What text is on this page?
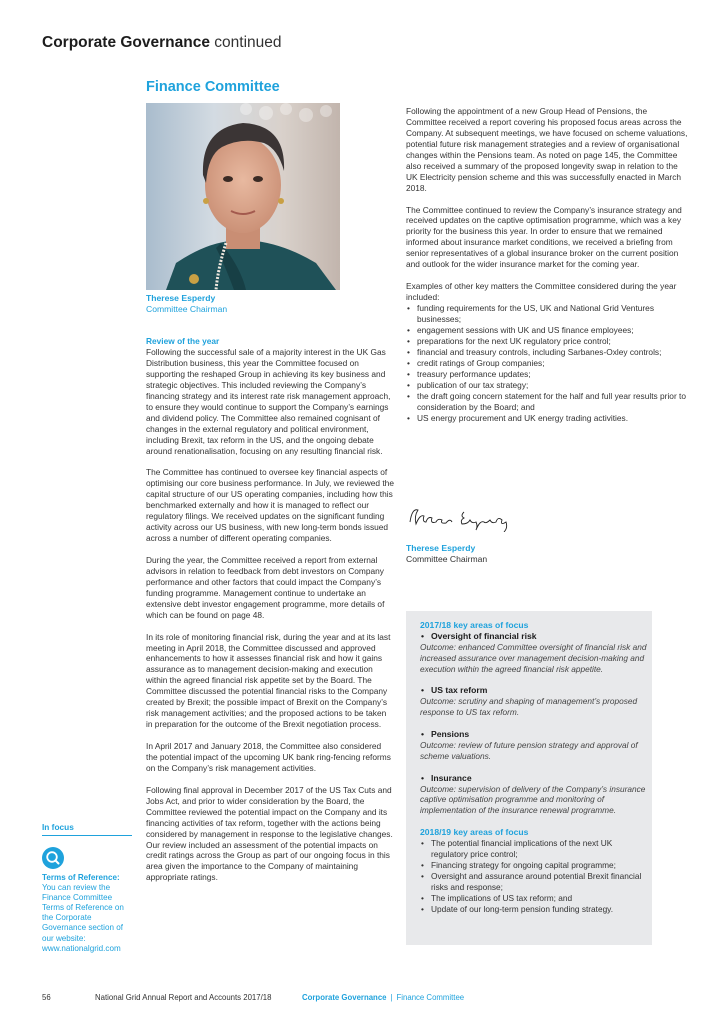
Corporate Governance continued
Finance Committee
Therese Esperdy
Committee Chairman
Review of the year

Following the successful sale of a majority interest in the UK Gas Distribution business, this year the Committee focused on supporting the reshaped Group in achieving its key business and strategic objectives. This included reviewing the Company’s financing strategy and its interest rate risk management approach, to ensure they would continue to support the Company’s earnings and dividend policy. The Committee also remained cognisant of changes in the external regulatory and political environment, including Brexit, tax reform in the US, and the ongoing debate around renationalisation, focusing on any resulting financial risk.

The Committee has continued to oversee key financial aspects of optimising our core business performance. In July, we reviewed the capital structure of our US operating companies, including how this benchmarked externally and how it is managed to reflect our regulatory filings. We received updates on the significant funding activity across our US business, with new long-term bonds issued across a number of different operating companies.

During the year, the Committee received a report from external advisors in relation to feedback from debt investors on Company performance and other factors that could impact the Company’s funding programme. Management continue to undertake an extensive debt investor engagement programme, more details of which can be found on page 48.

In its role of monitoring financial risk, during the year and at its last meeting in April 2018, the Committee discussed and approved enhancements to how it assesses financial risk and how it gains assurance as to management decision-making and execution within the agreed financial risk appetite set by the Board. The Committee discussed the potential financial risks to the Company created by Brexit; the possible impact of Brexit on the Company’s risk management activities; and the proposed actions to be taken in preparation for the outcome of the Brexit negotiation process.

In April 2017 and January 2018, the Committee also considered the potential impact of the upcoming UK bank ring-fencing reforms on the Company’s risk management activities.

Following final approval in December 2017 of the US Tax Cuts and Jobs Act, and prior to wider consideration by the Board, the Committee reviewed the potential impact on the Company and its financing activities of tax reform, together with the actions being considered by management in response to the legislative changes. Our review included an assessment of the potential impacts on credit ratings across the Group as part of our ongoing focus in this area given the importance to the Company of maintaining appropriate ratings.

Following the appointment of a new Group Head of Pensions, the Committee received a report covering his proposed focus areas across the Company. At subsequent meetings, we have focused on scheme valuations, potential future risk management strategies and a review of organisational changes within the Pensions team. As noted on page 145, the Committee also received a summary of the proposed longevity swap in relation to the UK Electricity pension scheme and this was successfully enacted in March 2018.

The Committee continued to review the Company’s insurance strategy and received updates on the captive optimisation programme, which was a key priority for the business this year. In order to ensure that we remained informed about insurance market conditions, we received a briefing from senior representatives of a global insurance broker on the current position and outlook for the wider insurance market for the coming year.

Examples of other key matters the Committee considered during the year included:
• funding requirements for the US, UK and National Grid Ventures businesses;
• engagement sessions with UK and US finance employees;
• preparations for the next UK regulatory price control;
• financial and treasury controls, including Sarbanes-Oxley controls;
• credit ratings of Group companies;
• treasury performance updates;
• publication of our tax strategy;
• the draft going concern statement for the half and full year results prior to consideration by the Board; and
• US energy procurement and UK energy trading activities.
Therese Esperdy
Committee Chairman
2017/18 key areas of focus
• Oversight of financial risk
Outcome: enhanced Committee oversight of financial risk and increased assurance over management decision-making and execution within the agreed financial risk appetite.
• US tax reform
Outcome: scrutiny and shaping of management’s proposed response to US tax reform.
• Pensions
Outcome: review of future pension strategy and approval of scheme valuations.
• Insurance
Outcome: supervision of delivery of the Company’s insurance captive optimisation programme and monitoring of implementation of the insurance renewal programme.
2018/19 key areas of focus
• The potential financial implications of the next UK regulatory price control;
• Financing strategy for ongoing capital programme;
• Oversight and assurance around potential Brexit financial risks and response;
• The implications of US tax reform; and
• Update of our long-term pension funding strategy.
In focus
Terms of Reference:
You can review the Finance Committee Terms of Reference on the Corporate Governance section of our website:
www.nationalgrid.com
56	National Grid Annual Report and Accounts 2017/18	Corporate Governance | Finance Committee
